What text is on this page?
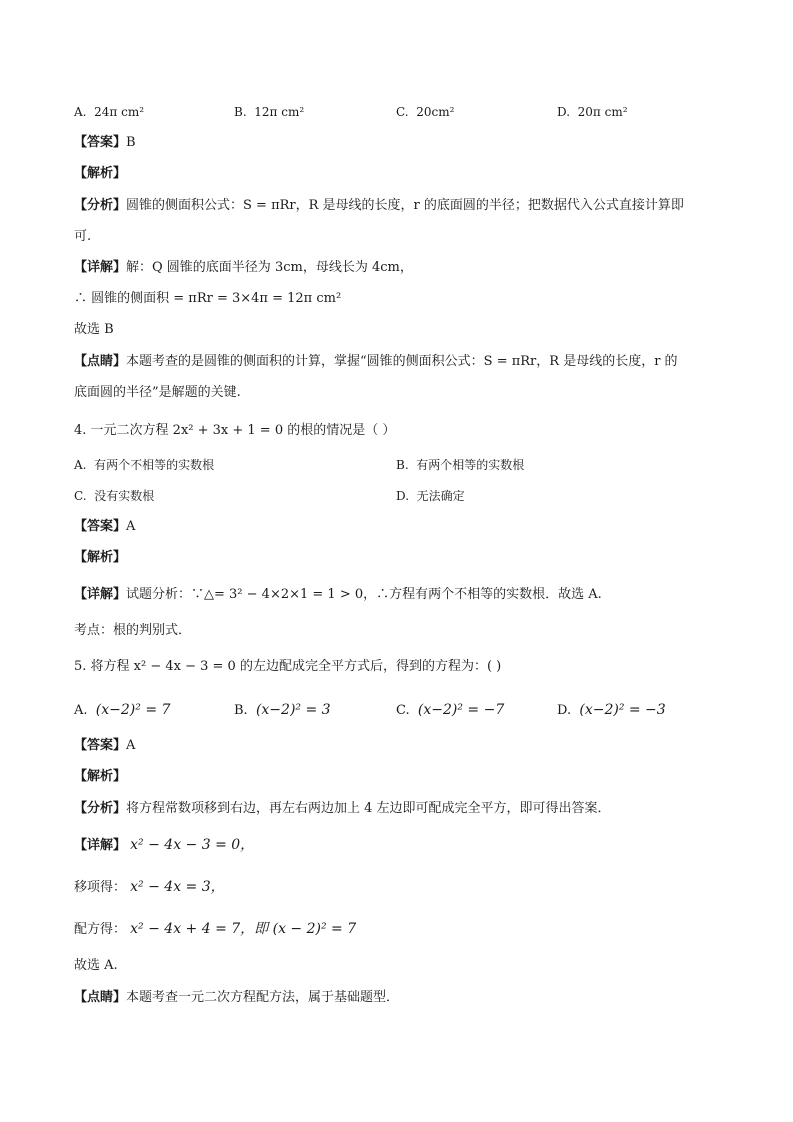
A. 24π cm²	B. 12π cm²	C. 20cm²	D. 20π cm²
【答案】B
【解析】
【分析】圆锥的侧面积公式：S = πRr，R 是母线的长度，r 的底面圆的半径；把数据代入公式直接计算即
可.
【详解】解：Q 圆锥的底面半径为 3cm，母线长为 4cm，
∴ 圆锥的侧面积 = πRr = 3×4π = 12π cm²
故选 B
【点睛】本题考查的是圆锥的侧面积的计算，掌握“圆锥的侧面积公式：S = πRr，R 是母线的长度，r 的
底面圆的半径”是解题的关键.
4. 一元二次方程 2x² + 3x + 1 = 0 的根的情况是（ ）
A. 有两个不相等的实数根	B. 有两个相等的实数根
C. 没有实数根	D. 无法确定
【答案】A
【解析】
【详解】试题分析：∵△= 3² − 4×2×1 = 1 > 0，∴方程有两个不相等的实数根．故选 A.
考点：根的判别式．
5. 将方程 x² − 4x − 3 = 0 的左边配成完全平方式后，得到的方程为：( )
A. (x−2)² = 7	B. (x−2)² = 3	C. (x−2)² = −7	D. (x−2)² = −3
【答案】A
【解析】
【分析】将方程常数项移到右边，再左右两边加上 4 左边即可配成完全平方，即可得出答案．
【详解】 x² − 4x − 3 = 0，
移项得： x² − 4x = 3，
配方得： x² − 4x + 4 = 7，即 (x − 2)² = 7
故选 A.
【点睛】本题考查一元二次方程配方法，属于基础题型．
